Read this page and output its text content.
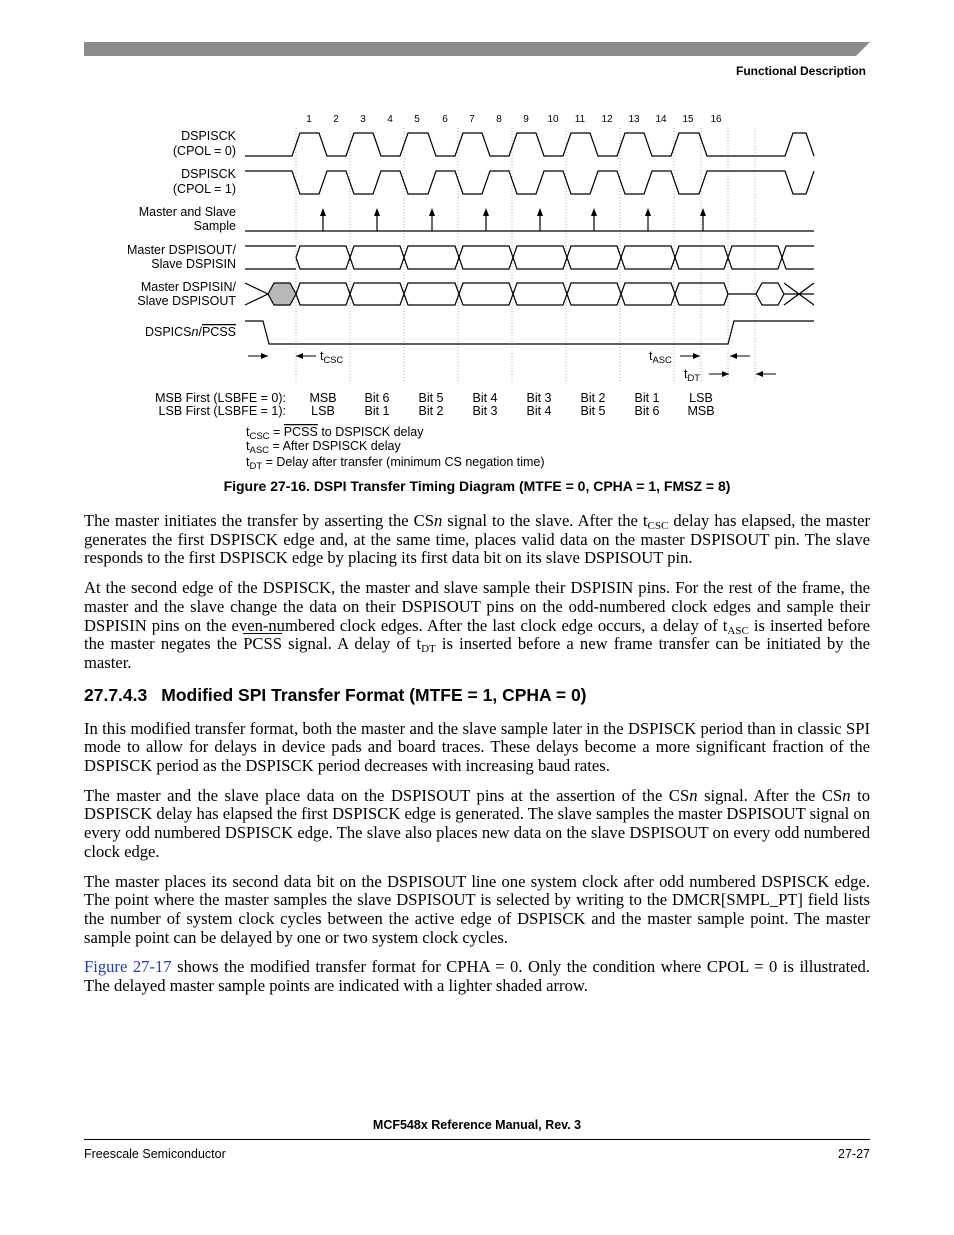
Functional Description
1 2 3 4 5 6 7 8 9 10 11 12 13 14 15 16
DSPISCK
(CPOL = 0)
DSPISCK
(CPOL = 1)
Master and Slave
Sample
Master DSPISOUT/
Slave DSPISIN
Master DSPISIN/
Slave DSPISOUT
DSPICSn/PCSS
$t_{CSC}$	$t_{ASC}$
$t_{DT}$
MSB First (LSBFE = 0):
LSB First (LSBFE = 1):
MSB
LSB
Bit 6
Bit 1
Bit 5
Bit 2
Bit 4
Bit 3
Bit 3
Bit 4
Bit 2
Bit 5
Bit 1
Bit 6
LSB
MSB
$t_{CSC}$ = PCSS to DSPISCK delay
$t_{ASC}$ = After DSPISCK delay
$t_{DT}$ = Delay after transfer (minimum CS negation time)
Figure 27-16. DSPI Transfer Timing Diagram (MTFE = 0, CPHA = 1, FMSZ = 8)

The master initiates the transfer by asserting the CSn signal to the slave. After the $t_{CSC}$ delay has elapsed, the master generates the first DSPISCK edge and, at the same time, places valid data on the master DSPISOUT pin. The slave responds to the first DSPISCK edge by placing its first data bit on its slave DSPISOUT pin.

At the second edge of the DSPISCK, the master and slave sample their DSPISIN pins. For the rest of the frame, the master and the slave change the data on their DSPISOUT pins on the odd-numbered clock edges and sample their DSPISIN pins on the even-numbered clock edges. After the last clock edge occurs, a delay of $t_{ASC}$ is inserted before the master negates the PCSS signal. A delay of $t_{DT}$ is inserted before a new frame transfer can be initiated by the master.

27.7.4.3 Modified SPI Transfer Format (MTFE = 1, CPHA = 0)

In this modified transfer format, both the master and the slave sample later in the DSPISCK period than in classic SPI mode to allow for delays in device pads and board traces. These delays become a more significant fraction of the DSPISCK period as the DSPISCK period decreases with increasing baud rates.

The master and the slave place data on the DSPISOUT pins at the assertion of the CSn signal. After the CSn to DSPISCK delay has elapsed the first DSPISCK edge is generated. The slave samples the master DSPISOUT signal on every odd numbered DSPISCK edge. The slave also places new data on the slave DSPISOUT on every odd numbered clock edge.

The master places its second data bit on the DSPISOUT line one system clock after odd numbered DSPISCK edge. The point where the master samples the slave DSPISOUT is selected by writing to the DMCR[SMPL_PT] field lists the number of system clock cycles between the active edge of DSPISCK and the master sample point. The master sample point can be delayed by one or two system clock cycles.

Figure 27-17 shows the modified transfer format for CPHA = 0. Only the condition where CPOL = 0 is illustrated. The delayed master sample points are indicated with a lighter shaded arrow.

MCF548x Reference Manual, Rev. 3
Freescale Semiconductor	27-27
